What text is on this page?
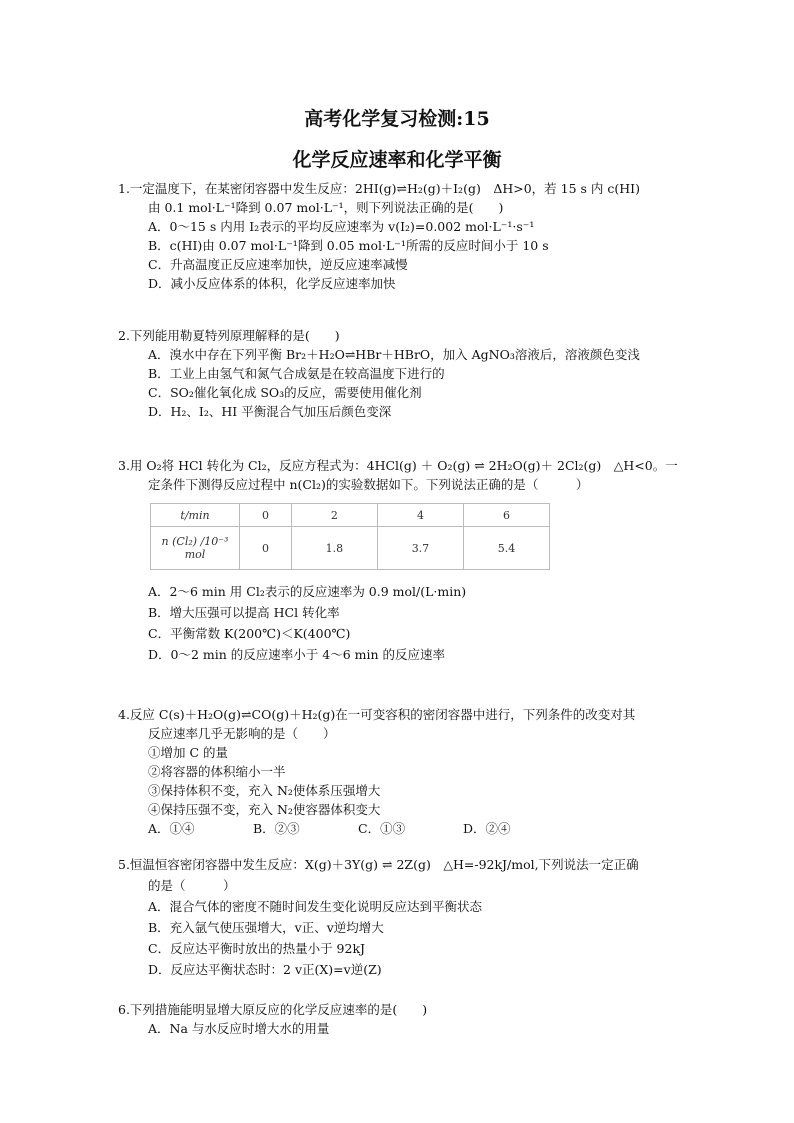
高考化学复习检测:15
化学反应速率和化学平衡
1.一定温度下，在某密闭容器中发生反应：2HI(g)⇌H₂(g)＋I₂(g)　ΔH>0，若 15 s 内 c(HI)
由 0.1 mol·L⁻¹降到 0.07 mol·L⁻¹，则下列说法正确的是(　　)
A．0～15 s 内用 I₂表示的平均反应速率为 v(I₂)=0.002 mol·L⁻¹·s⁻¹
B．c(HI)由 0.07 mol·L⁻¹降到 0.05 mol·L⁻¹所需的反应时间小于 10 s
C．升高温度正反应速率加快，逆反应速率减慢
D．减小反应体系的体积，化学反应速率加快
2.下列能用勒夏特列原理解释的是(　　)
A．溴水中存在下列平衡 Br₂＋H₂O⇌HBr＋HBrO，加入 AgNO₃溶液后，溶液颜色变浅
B．工业上由氢气和氮气合成氨是在较高温度下进行的
C．SO₂催化氧化成 SO₃的反应，需要使用催化剂
D．H₂、I₂、HI 平衡混合气加压后颜色变深
3.用 O₂将 HCl 转化为 Cl₂，反应方程式为：4HCl(g) ＋ O₂(g) ⇌ 2H₂O(g)＋ 2Cl₂(g)　△H<0。一
定条件下测得反应过程中 n(Cl₂)的实验数据如下。下列说法正确的是（　　　）
t/min	0	2	4	6

n (Cl₂) /10⁻³
mol	0	1.8	3.7	5.4
A．2～6 min 用 Cl₂表示的反应速率为 0.9 mol/(L·min)
B．增大压强可以提高 HCl 转化率
C．平衡常数 K(200℃)＜K(400℃)
D．0～2 min 的反应速率小于 4～6 min 的反应速率
4.反应 C(s)＋H₂O(g)⇌CO(g)＋H₂(g)在一可变容积的密闭容器中进行，下列条件的改变对其
反应速率几乎无影响的是（　　）
①增加 C 的量
②将容器的体积缩小一半
③保持体积不变，充入 N₂使体系压强增大
④保持压强不变，充入 N₂使容器体积变大
A．①④	B．②③	C．①③	D．②④
5.恒温恒容密闭容器中发生反应：X(g)＋3Y(g) ⇌ 2Z(g)　△H=-92kJ/mol,下列说法一定正确
的是（　　　）
A．混合气体的密度不随时间发生变化说明反应达到平衡状态
B．充入氩气使压强增大，v正、v逆均增大
C．反应达平衡时放出的热量小于 92kJ
D．反应达平衡状态时：2 v正(X)=v逆(Z)
6.下列措施能明显增大原反应的化学反应速率的是(　　)
A．Na 与水反应时增大水的用量
